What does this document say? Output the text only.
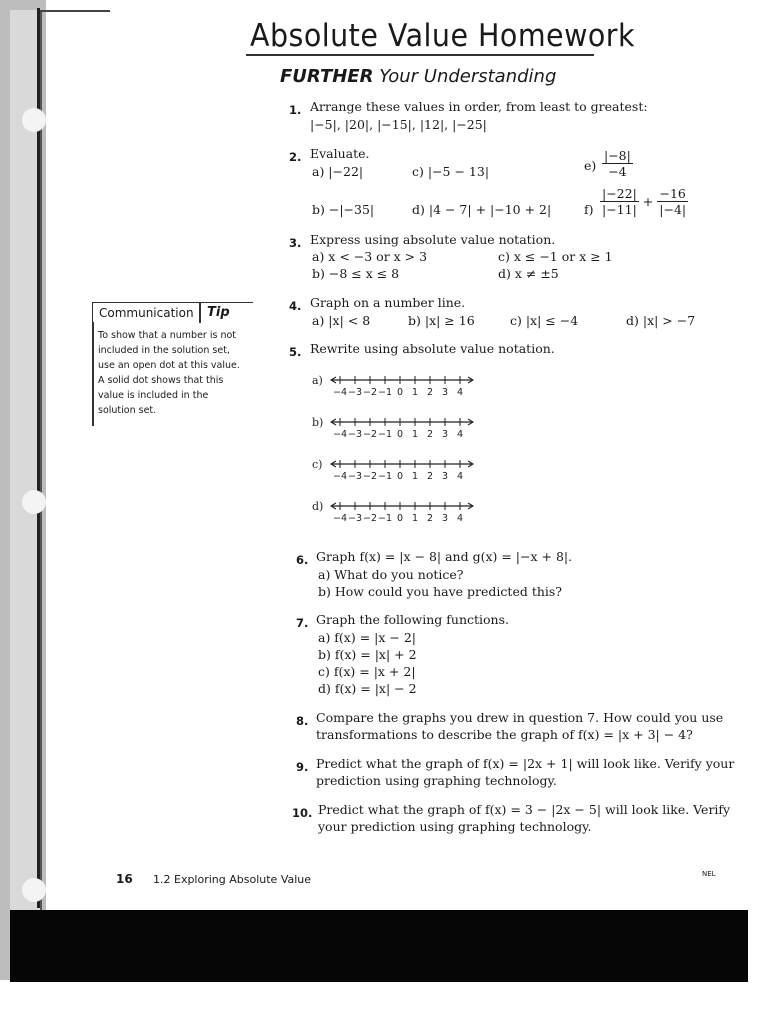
Absolute Value Homework
FURTHER Your Understanding
1. Arrange these values in order, from least to greatest:
|−5|, |20|, |−15|, |12|, |−25|
2. Evaluate.
a) |−22|	c) |−5 − 13|	$e) \frac{|-8|}{-4}$
b) −|−35|	d) |4 − 7| + |−10 + 2|	$f) \frac{|-22|}{|-11|} + \frac{-16}{|-4|}$
3. Express using absolute value notation.
a) x < −3 or x > 3	c) x ≤ −1 or x ≥ 1
b) −8 ≤ x ≤ 8	d) x ≠ ±5
4. Graph on a number line.
a) |x| < 8	b) |x| ≥ 16	c) |x| ≤ −4	d) |x| > −7
Communication Tip
To show that a number is not
included in the solution set,
use an open dot at this value.
A solid dot shows that this
value is included in the
solution set.
5. Rewrite using absolute value notation.
a)
−4 −3 −2 −1 0 1 2 3 4
b)
−4 −3 −2 −1 0 1 2 3 4
c)
−4 −3 −2 −1 0 1 2 3 4
d)
−4 −3 −2 −1 0 1 2 3 4
6. Graph f(x) = |x − 8| and g(x) = |−x + 8|.
a) What do you notice?
b) How could you have predicted this?
7. Graph the following functions.
a) f(x) = |x − 2|
b) f(x) = |x| + 2
c) f(x) = |x + 2|
d) f(x) = |x| − 2
8. Compare the graphs you drew in question 7. How could you use
transformations to describe the graph of f(x) = |x + 3| − 4?
9. Predict what the graph of f(x) = |2x + 1| will look like. Verify your
prediction using graphing technology.
10. Predict what the graph of f(x) = 3 − |2x − 5| will look like. Verify
your prediction using graphing technology.
16 1.2 Exploring Absolute Value	NEL
